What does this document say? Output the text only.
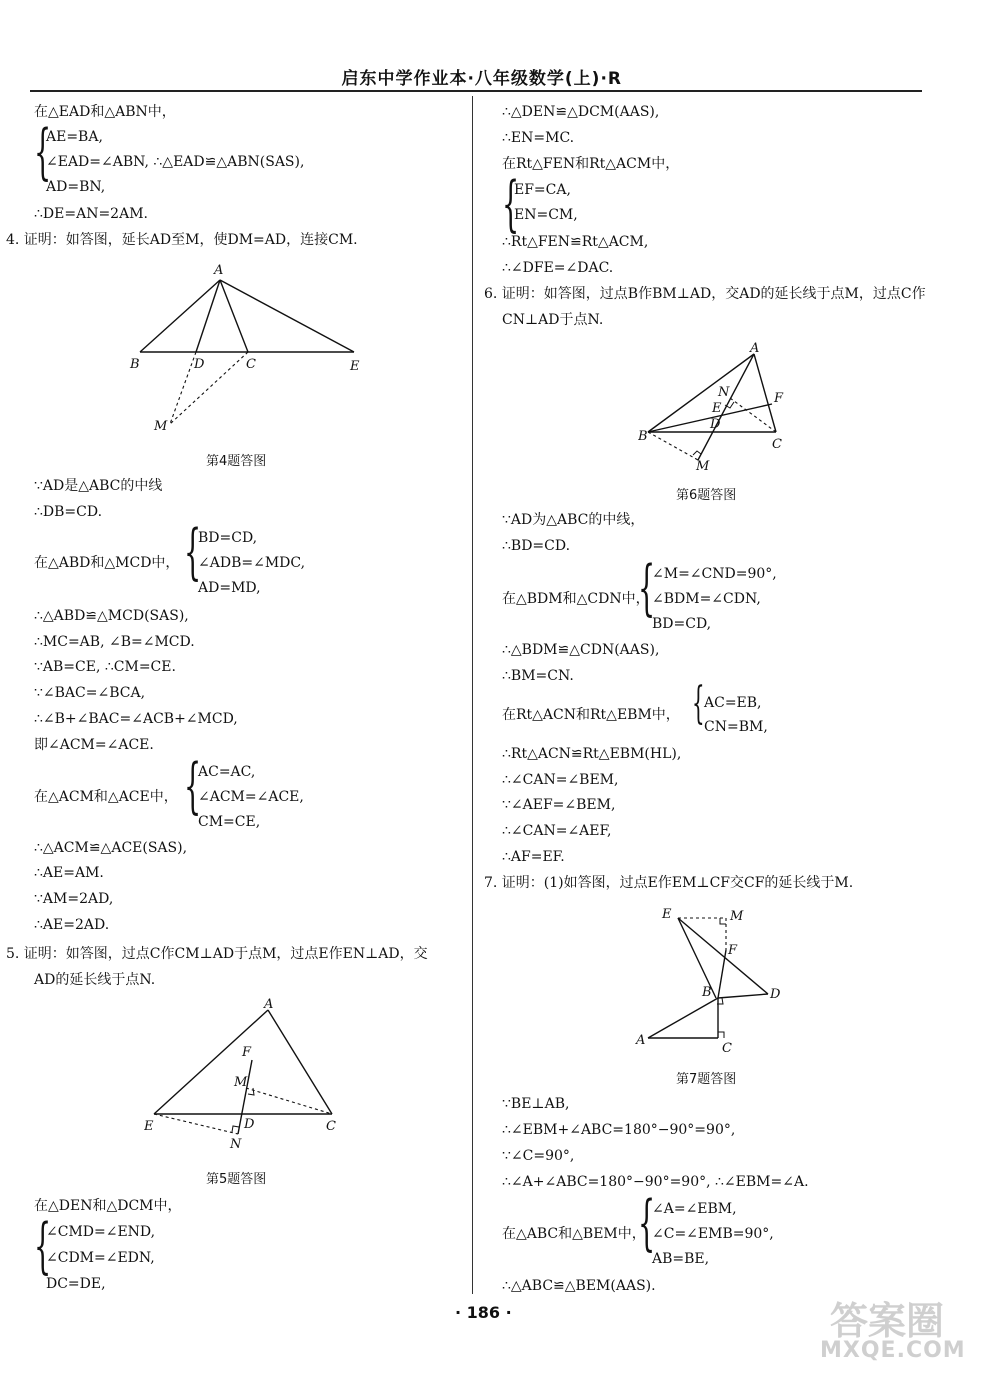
启东中学作业本·八年级数学(上)·R
在△EAD和△ABN中，
{
AE=BA,
∠EAD=∠ABN, ∴△EAD≌△ABN(SAS),
AD=BN,
∴DE=AN=2AM.
4. 证明：如答图，延长AD至M，使DM=AD，连接CM.
A
B	D	C	E
M
第4题答图
∵AD是△ABC的中线
∴DB=CD.
在△ABD和△MCD中， {
BD=CD,
∠ADB=∠MDC,
AD=MD,
∴△ABD≌△MCD(SAS),
∴MC=AB, ∠B=∠MCD.
∵AB=CE, ∴CM=CE.
∵∠BAC=∠BCA,
∴∠B+∠BAC=∠ACB+∠MCD,
即∠ACM=∠ACE.
在△ACM和△ACE中， {
AC=AC,
∠ACM=∠ACE,
CM=CE,
∴△ACM≌△ACE(SAS),
∴AE=AM.
∵AM=2AD,
∴AE=2AD.
5. 证明：如答图，过点C作CM⊥AD于点M，过点E作EN⊥AD，交
AD的延长线于点N.
A
F
M
E	D	C
N
第5题答图
在△DEN和△DCM中，
{
∠CMD=∠END,
∠CDM=∠EDN,
DC=DE,
∴△DEN≌△DCM(AAS),
∴EN=MC.
在Rt△FEN和Rt△ACM中，
{
EF=CA,
EN=CM,
∴Rt△FEN≌Rt△ACM,
∴∠DFE=∠DAC.
6. 证明：如答图，过点B作BM⊥AD，交AD的延长线于点M，过点C作
CN⊥AD于点N.
A
N	F
E
B
D
C
M
第6题答图
∵AD为△ABC的中线，
∴BD=CD.
在△BDM和△CDN中，
{
∠M=∠CND=90°,
∠BDM=∠CDN,
BD=CD,
∴△BDM≌△CDN(AAS),
∴BM=CN.
在Rt△ACN和Rt△EBM中， { AC=EB,
CN=BM,
∴Rt△ACN≌Rt△EBM(HL),
∴∠CAN=∠BEM,
∵∠AEF=∠BEM,
∴∠CAN=∠AEF,
∴AF=EF.
7. 证明：(1)如答图，过点E作EM⊥CF交CF的延长线于M.
E	M
F
B	D
A
C
第7题答图
∵BE⊥AB,
∴∠EBM+∠ABC=180°−90°=90°,
∵∠C=90°,
∴∠A+∠ABC=180°−90°=90°, ∴∠EBM=∠A.
在△ABC和△BEM中，
{
∠A=∠EBM,
∠C=∠EMB=90°,
AB=BE,
∴△ABC≌△BEM(AAS).
· 186 ·	答案圈
MXQE.COM
